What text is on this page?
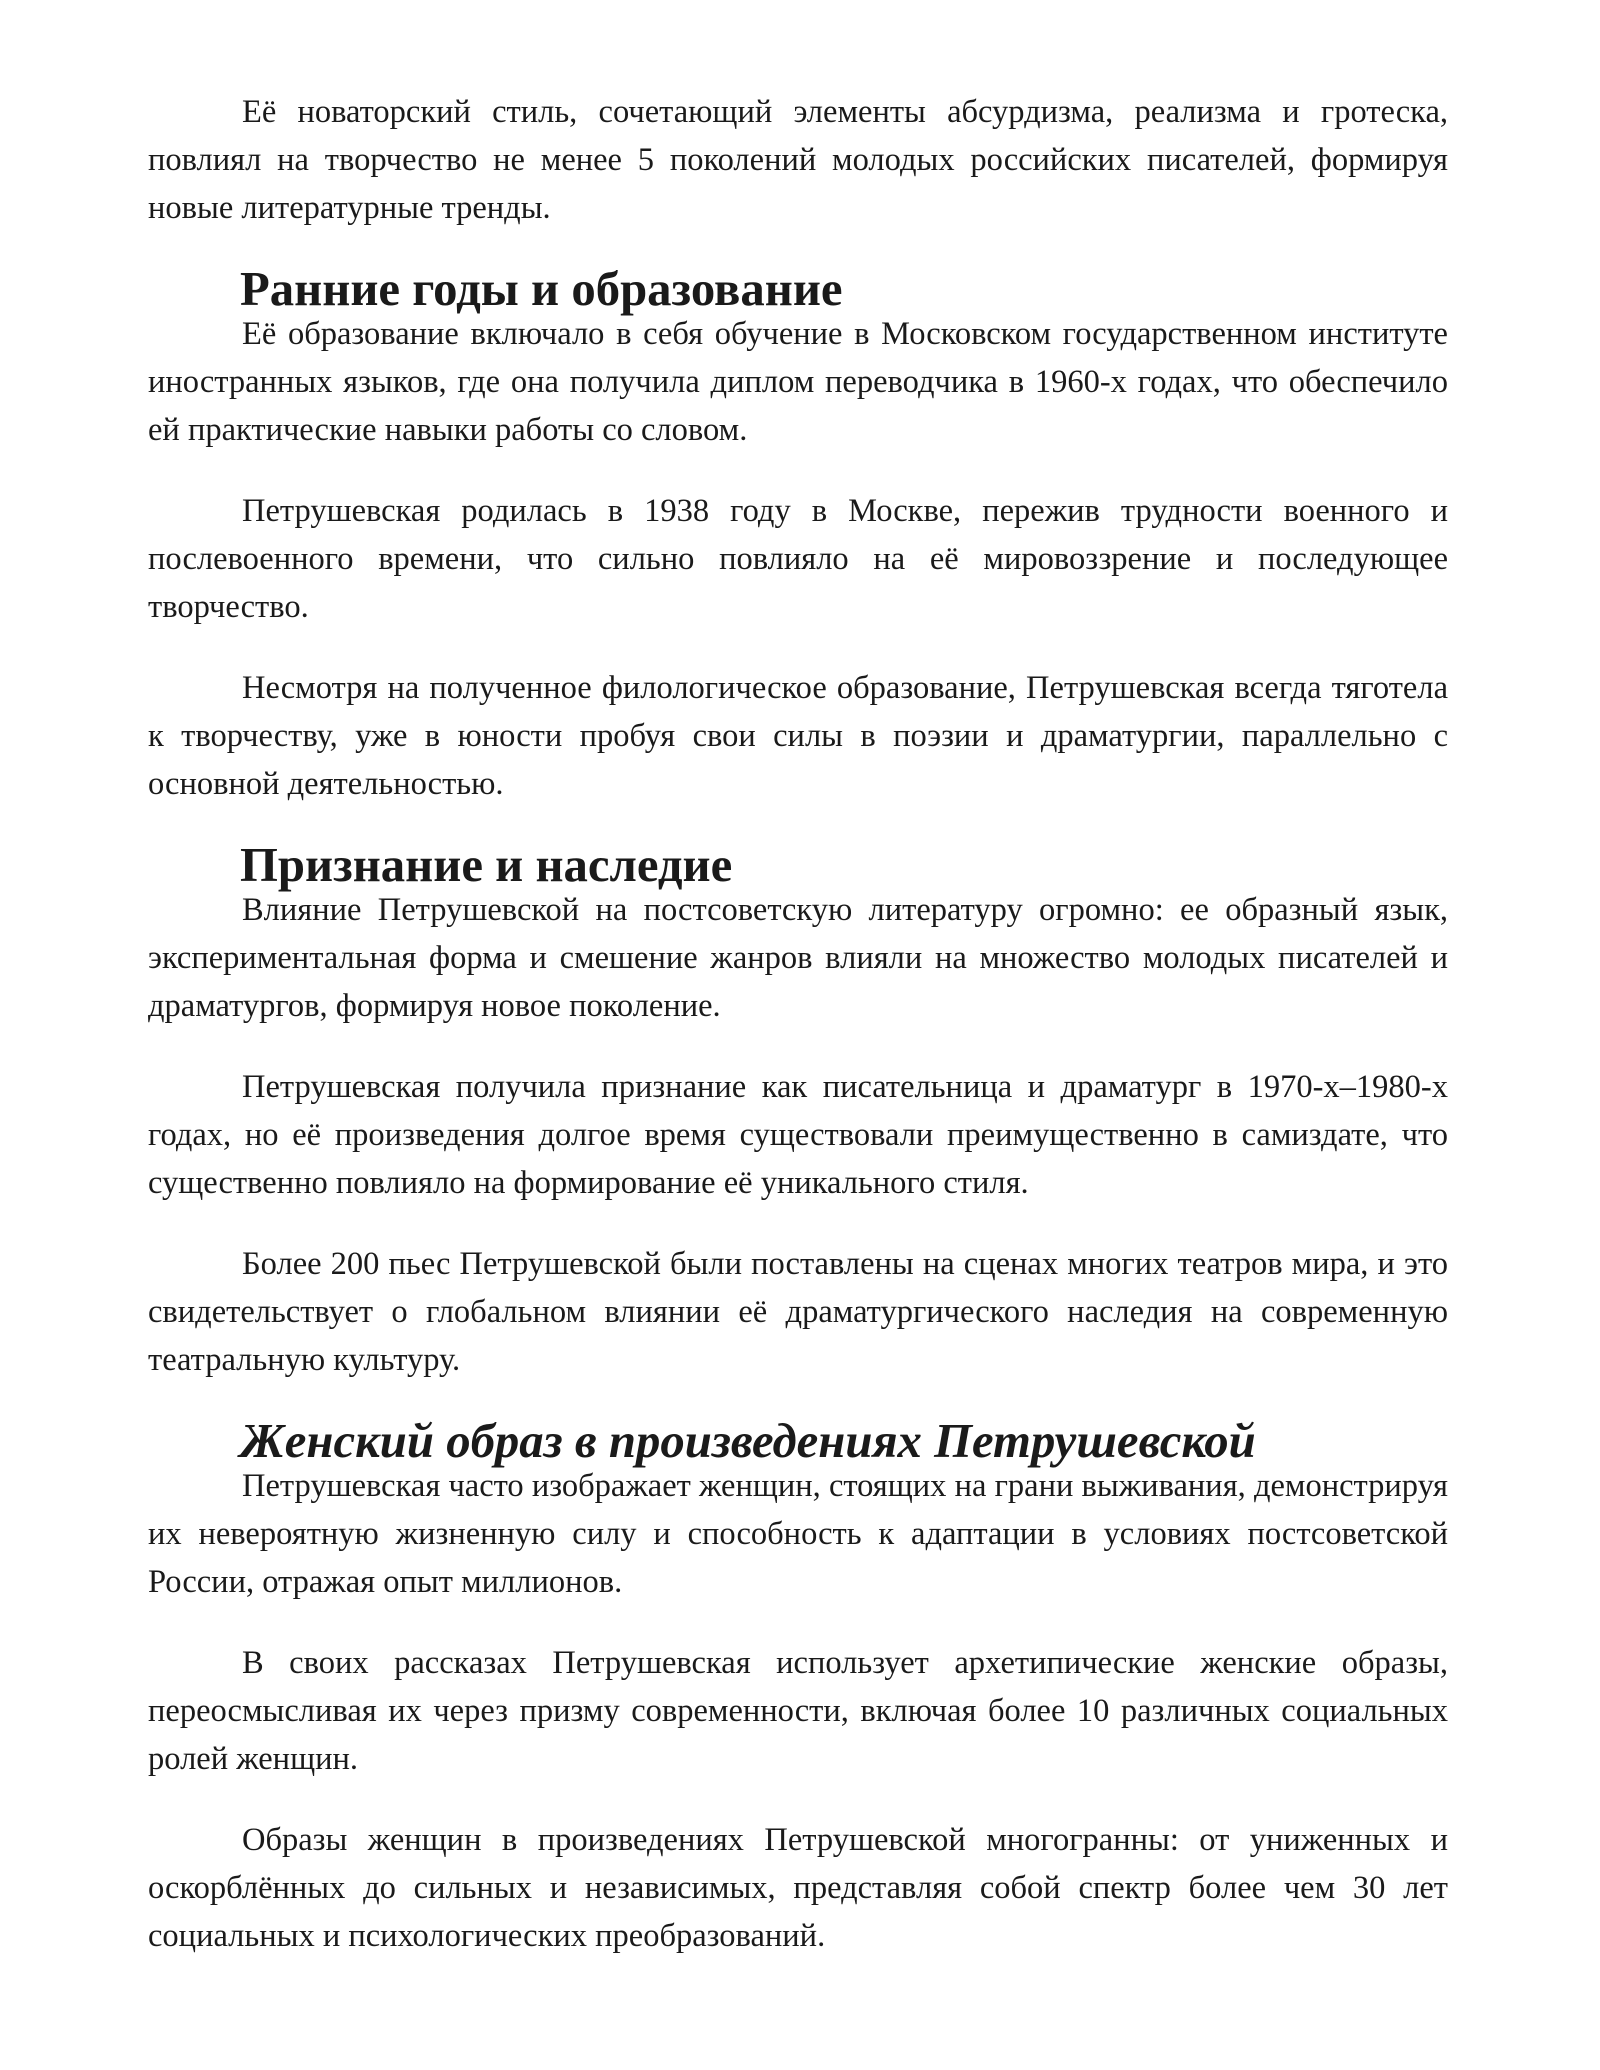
Её новаторский стиль, сочетающий элементы абсурдизма, реализма и гротеска, повлиял на творчество не менее 5 поколений молодых российских писателей, формируя новые литературные тренды.

Ранние годы и образование

Её образование включало в себя обучение в Московском государственном институте иностранных языков, где она получила диплом переводчика в 1960-х годах, что обеспечило ей практические навыки работы со словом.

Петрушевская родилась в 1938 году в Москве, пережив трудности военного и послевоенного времени, что сильно повлияло на её мировоззрение и последующее творчество.

Несмотря на полученное филологическое образование, Петрушевская всегда тяготела к творчеству, уже в юности пробуя свои силы в поэзии и драматургии, параллельно с основной деятельностью.

Признание и наследие

Влияние Петрушевской на постсоветскую литературу огромно: ее образный язык, экспериментальная форма и смешение жанров влияли на множество молодых писателей и драматургов, формируя новое поколение.

Петрушевская получила признание как писательница и драматург в 1970-х–1980-х годах, но её произведения долгое время существовали преимущественно в самиздате, что существенно повлияло на формирование её уникального стиля.

Более 200 пьес Петрушевской были поставлены на сценах многих театров мира, и это свидетельствует о глобальном влиянии её драматургического наследия на современную театральную культуру.

Женский образ в произведениях Петрушевской

Петрушевская часто изображает женщин, стоящих на грани выживания, демонстрируя их невероятную жизненную силу и способность к адаптации в условиях постсоветской России, отражая опыт миллионов.

В своих рассказах Петрушевская использует архетипические женские образы, переосмысливая их через призму современности, включая более 10 различных социальных ролей женщин.

Образы женщин в произведениях Петрушевской многогранны: от униженных и оскорблённых до сильных и независимых, представляя собой спектр более чем 30 лет социальных и психологических преобразований.
